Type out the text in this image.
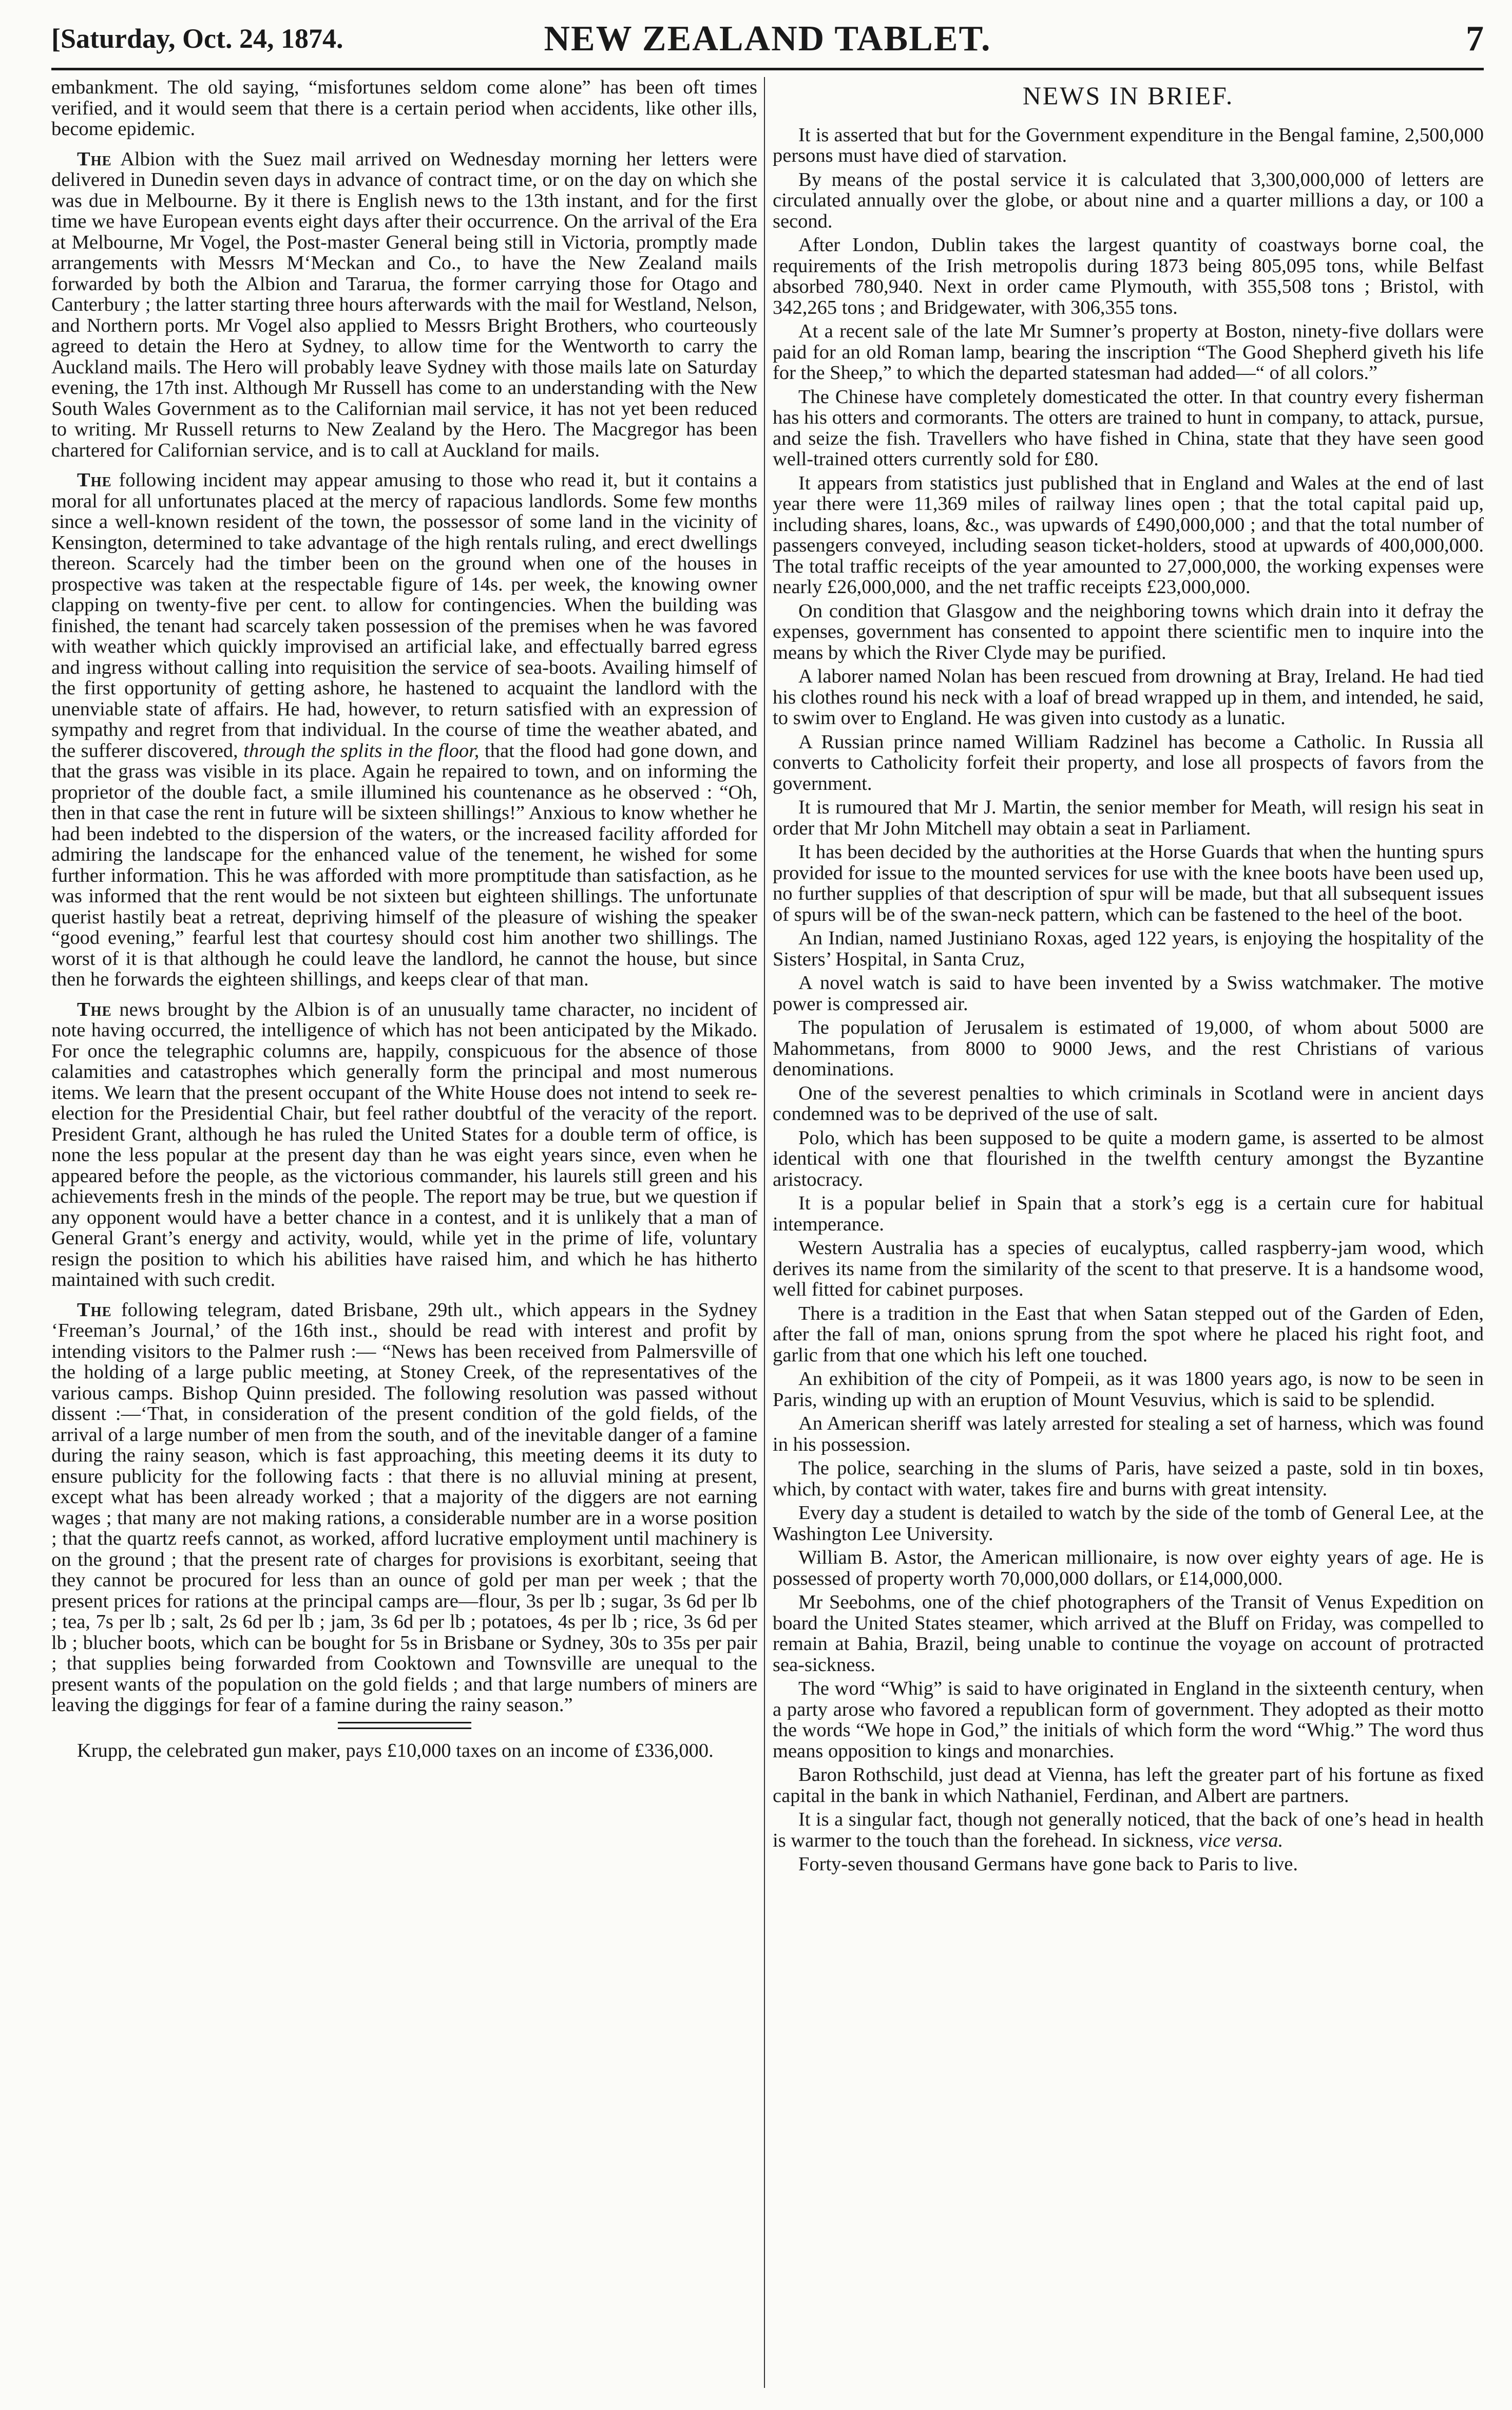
[Saturday, Oct. 24, 1874.	NEW ZEALAND TABLET.	7

embankment. The old saying, “misfortunes seldom come alone” has been oft times verified, and it would seem that there is a certain period when accidents, like other ills, become epidemic.

The Albion with the Suez mail arrived on Wednesday morning her letters were delivered in Dunedin seven days in advance of contract time, or on the day on which she was due in Melbourne. By it there is English news to the 13th instant, and for the first time we have European events eight days after their occurrence. On the arrival of the Era at Melbourne, Mr Vogel, the Post-master General being still in Victoria, promptly made arrangements with Messrs M‘Meckan and Co., to have the New Zealand mails forwarded by both the Albion and Tararua, the former carrying those for Otago and Canterbury ; the latter starting three hours afterwards with the mail for Westland, Nelson, and Northern ports. Mr Vogel also applied to Messrs Bright Brothers, who courteously agreed to detain the Hero at Sydney, to allow time for the Wentworth to carry the Auckland mails. The Hero will probably leave Sydney with those mails late on Saturday evening, the 17th inst. Although Mr Russell has come to an understanding with the New South Wales Government as to the Californian mail service, it has not yet been reduced to writing. Mr Russell returns to New Zealand by the Hero. The Macgregor has been chartered for Californian service, and is to call at Auckland for mails.

The following incident may appear amusing to those who read it, but it contains a moral for all unfortunates placed at the mercy of rapacious landlords. Some few months since a well-known resident of the town, the possessor of some land in the vicinity of Kensington, determined to take advantage of the high rentals ruling, and erect dwellings thereon. Scarcely had the timber been on the ground when one of the houses in prospective was taken at the respectable figure of 14s. per week, the knowing owner clapping on twenty-five per cent. to allow for contingencies. When the building was finished, the tenant had scarcely taken possession of the premises when he was favored with weather which quickly improvised an artificial lake, and effectually barred egress and ingress without calling into requisition the service of sea-boots. Availing himself of the first opportunity of getting ashore, he hastened to acquaint the landlord with the unenviable state of affairs. He had, however, to return satisfied with an expression of sympathy and regret from that individual. In the course of time the weather abated, and the sufferer discovered, through the splits in the floor, that the flood had gone down, and that the grass was visible in its place. Again he repaired to town, and on informing the proprietor of the double fact, a smile illumined his countenance as he observed : “Oh, then in that case the rent in future will be sixteen shillings!” Anxious to know whether he had been indebted to the dispersion of the waters, or the increased facility afforded for admiring the landscape for the enhanced value of the tenement, he wished for some further information. This he was afforded with more promptitude than satisfaction, as he was informed that the rent would be not sixteen but eighteen shillings. The unfortunate querist hastily beat a retreat, depriving himself of the pleasure of wishing the speaker “good evening,” fearful lest that courtesy should cost him another two shillings. The worst of it is that although he could leave the landlord, he cannot the house, but since then he forwards the eighteen shillings, and keeps clear of that man.

The news brought by the Albion is of an unusually tame character, no incident of note having occurred, the intelligence of which has not been anticipated by the Mikado. For once the telegraphic columns are, happily, conspicuous for the absence of those calamities and catastrophes which generally form the principal and most numerous items. We learn that the present occupant of the White House does not intend to seek re-election for the Presidential Chair, but feel rather doubtful of the veracity of the report. President Grant, although he has ruled the United States for a double term of office, is none the less popular at the present day than he was eight years since, even when he appeared before the people, as the victorious commander, his laurels still green and his achievements fresh in the minds of the people. The report may be true, but we question if any opponent would have a better chance in a contest, and it is unlikely that a man of General Grant’s energy and activity, would, while yet in the prime of life, voluntary resign the position to which his abilities have raised him, and which he has hitherto maintained with such credit.

The following telegram, dated Brisbane, 29th ult., which appears in the Sydney ‘Freeman’s Journal,’ of the 16th inst., should be read with interest and profit by intending visitors to the Palmer rush :— “News has been received from Palmersville of the holding of a large public meeting, at Stoney Creek, of the representatives of the various camps. Bishop Quinn presided. The following resolution was passed without dissent :—‘That, in consideration of the present condition of the gold fields, of the arrival of a large number of men from the south, and of the inevitable danger of a famine during the rainy season, which is fast approaching, this meeting deems it its duty to ensure publicity for the following facts : that there is no alluvial mining at present, except what has been already worked ; that a majority of the diggers are not earning wages ; that many are not making rations, a considerable number are in a worse position ; that the quartz reefs cannot, as worked, afford lucrative employment until machinery is on the ground ; that the present rate of charges for provisions is exorbitant, seeing that they cannot be procured for less than an ounce of gold per man per week ; that the present prices for rations at the principal camps are—flour, 3s per lb ; sugar, 3s 6d per lb ; tea, 7s per lb ; salt, 2s 6d per lb ; jam, 3s 6d per lb ; potatoes, 4s per lb ; rice, 3s 6d per lb ; blucher boots, which can be bought for 5s in Brisbane or Sydney, 30s to 35s per pair ; that supplies being forwarded from Cooktown and Townsville are unequal to the present wants of the population on the gold fields ; and that large numbers of miners are leaving the diggings for fear of a famine during the rainy season.”

Krupp, the celebrated gun maker, pays £10,000 taxes on an income of £336,000.

NEWS IN BRIEF.

It is asserted that but for the Government expenditure in the Bengal famine, 2,500,000 persons must have died of starvation.

By means of the postal service it is calculated that 3,300,000,000 of letters are circulated annually over the globe, or about nine and a quarter millions a day, or 100 a second.

After London, Dublin takes the largest quantity of coastways borne coal, the requirements of the Irish metropolis during 1873 being 805,095 tons, while Belfast absorbed 780,940. Next in order came Plymouth, with 355,508 tons ; Bristol, with 342,265 tons ; and Bridgewater, with 306,355 tons.

At a recent sale of the late Mr Sumner’s property at Boston, ninety-five dollars were paid for an old Roman lamp, bearing the inscription “The Good Shepherd giveth his life for the Sheep,” to which the departed statesman had added—“ of all colors.”

The Chinese have completely domesticated the otter. In that country every fisherman has his otters and cormorants. The otters are trained to hunt in company, to attack, pursue, and seize the fish. Travellers who have fished in China, state that they have seen good well-trained otters currently sold for £80.

It appears from statistics just published that in England and Wales at the end of last year there were 11,369 miles of railway lines open ; that the total capital paid up, including shares, loans, &c., was upwards of £490,000,000 ; and that the total number of passengers conveyed, including season ticket-holders, stood at upwards of 400,000,000. The total traffic receipts of the year amounted to 27,000,000, the working expenses were nearly £26,000,000, and the net traffic receipts £23,000,000.

On condition that Glasgow and the neighboring towns which drain into it defray the expenses, government has consented to appoint there scientific men to inquire into the means by which the River Clyde may be purified.

A laborer named Nolan has been rescued from drowning at Bray, Ireland. He had tied his clothes round his neck with a loaf of bread wrapped up in them, and intended, he said, to swim over to England. He was given into custody as a lunatic.

A Russian prince named William Radzinel has become a Catholic. In Russia all converts to Catholicity forfeit their property, and lose all prospects of favors from the government.

It is rumoured that Mr J. Martin, the senior member for Meath, will resign his seat in order that Mr John Mitchell may obtain a seat in Parliament.

It has been decided by the authorities at the Horse Guards that when the hunting spurs provided for issue to the mounted services for use with the knee boots have been used up, no further supplies of that description of spur will be made, but that all subsequent issues of spurs will be of the swan-neck pattern, which can be fastened to the heel of the boot.

An Indian, named Justiniano Roxas, aged 122 years, is enjoying the hospitality of the Sisters’ Hospital, in Santa Cruz,

A novel watch is said to have been invented by a Swiss watchmaker. The motive power is compressed air.

The population of Jerusalem is estimated of 19,000, of whom about 5000 are Mahommetans, from 8000 to 9000 Jews, and the rest Christians of various denominations.

One of the severest penalties to which criminals in Scotland were in ancient days condemned was to be deprived of the use of salt.

Polo, which has been supposed to be quite a modern game, is asserted to be almost identical with one that flourished in the twelfth century amongst the Byzantine aristocracy.

It is a popular belief in Spain that a stork’s egg is a certain cure for habitual intemperance.

Western Australia has a species of eucalyptus, called raspberry-jam wood, which derives its name from the similarity of the scent to that preserve. It is a handsome wood, well fitted for cabinet purposes.

There is a tradition in the East that when Satan stepped out of the Garden of Eden, after the fall of man, onions sprung from the spot where he placed his right foot, and garlic from that one which his left one touched.

An exhibition of the city of Pompeii, as it was 1800 years ago, is now to be seen in Paris, winding up with an eruption of Mount Vesuvius, which is said to be splendid.

An American sheriff was lately arrested for stealing a set of harness, which was found in his possession.

The police, searching in the slums of Paris, have seized a paste, sold in tin boxes, which, by contact with water, takes fire and burns with great intensity.

Every day a student is detailed to watch by the side of the tomb of General Lee, at the Washington Lee University.

William B. Astor, the American millionaire, is now over eighty years of age. He is possessed of property worth 70,000,000 dollars, or £14,000,000.

Mr Seebohms, one of the chief photographers of the Transit of Venus Expedition on board the United States steamer, which arrived at the Bluff on Friday, was compelled to remain at Bahia, Brazil, being unable to continue the voyage on account of protracted sea-sickness.

The word “Whig” is said to have originated in England in the sixteenth century, when a party arose who favored a republican form of government. They adopted as their motto the words “We hope in God,” the initials of which form the word “Whig.” The word thus means opposition to kings and monarchies.

Baron Rothschild, just dead at Vienna, has left the greater part of his fortune as fixed capital in the bank in which Nathaniel, Ferdinan, and Albert are partners.

It is a singular fact, though not generally noticed, that the back of one’s head in health is warmer to the touch than the forehead. In sickness, vice versa.

Forty-seven thousand Germans have gone back to Paris to live.
